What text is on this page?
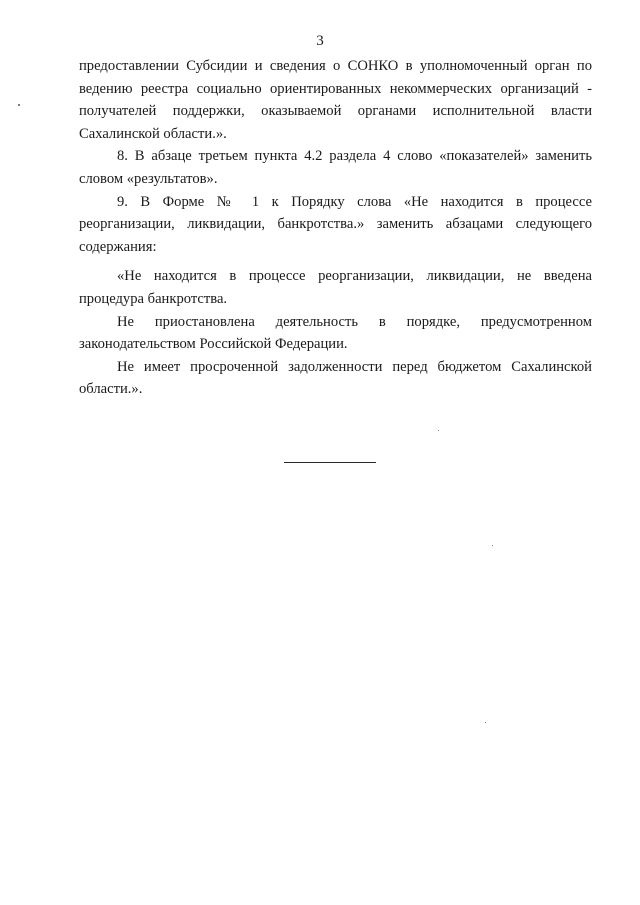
3

предоставлении Субсидии и сведения о СОНКО в уполномоченный орган по
ведению реестра социально ориентированных некоммерческих организаций -
получателей поддержки, оказываемой органами исполнительной власти
Сахалинской области.».

8. В абзаце третьем пункта 4.2 раздела 4 слово «показателей» заменить
словом «результатов».

9. В Форме № 1 к Порядку слова «Не находится в процессе
реорганизации, ликвидации, банкротства.» заменить абзацами следующего
содержания:

«Не находится в процессе реорганизации, ликвидации, не введена
процедура банкротства.

Не приостановлена деятельность в порядке, предусмотренном
законодательством Российской Федерации.

Не имеет просроченной задолженности перед бюджетом Сахалинской
области.».
